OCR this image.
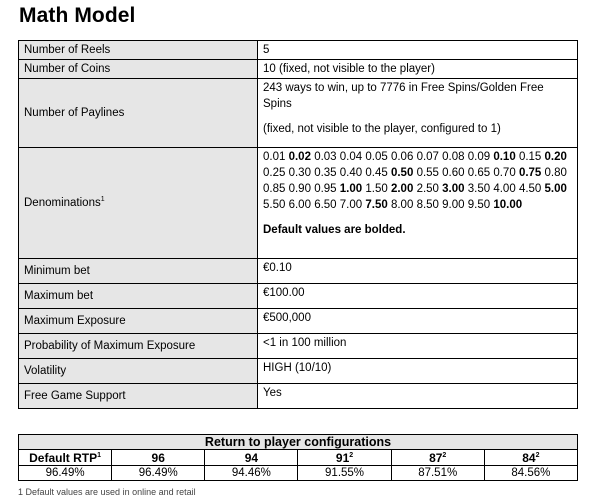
Math Model
Number of Reels	5
Number of Coins	10 (fixed, not visible to the player)
Number of Paylines	243 ways to win, up to 7776 in Free Spins/Golden Free Spins

(fixed, not visible to the player, configured to 1)

Denominations$^1$	0.01 0.02 0.03 0.04 0.05 0.06 0.07 0.08 0.09 0.10 0.15 0.20 0.25 0.30 0.35 0.40 0.45 0.50 0.55 0.60 0.65 0.70 0.75 0.80 0.85 0.90 0.95 1.00 1.50 2.00 2.50 3.00 3.50 4.00 4.50 5.00 5.50 6.00 6.50 7.00 7.50 8.00 8.50 9.00 9.50 10.00

Default values are bolded.

Minimum bet	€0.10
Maximum bet	€100.00
Maximum Exposure	€500,000
Probability of Maximum Exposure	<1 in 100 million
Volatility	HIGH (10/10)
Free Game Support	Yes
Return to player configurations					
Default RTP$^1$	96	94	$91^2$	$87^2$	$84^2$
96.49%	96.49%	94.46%	91.55%	87.51%	84.56%
1 Default values are used in online and retail
